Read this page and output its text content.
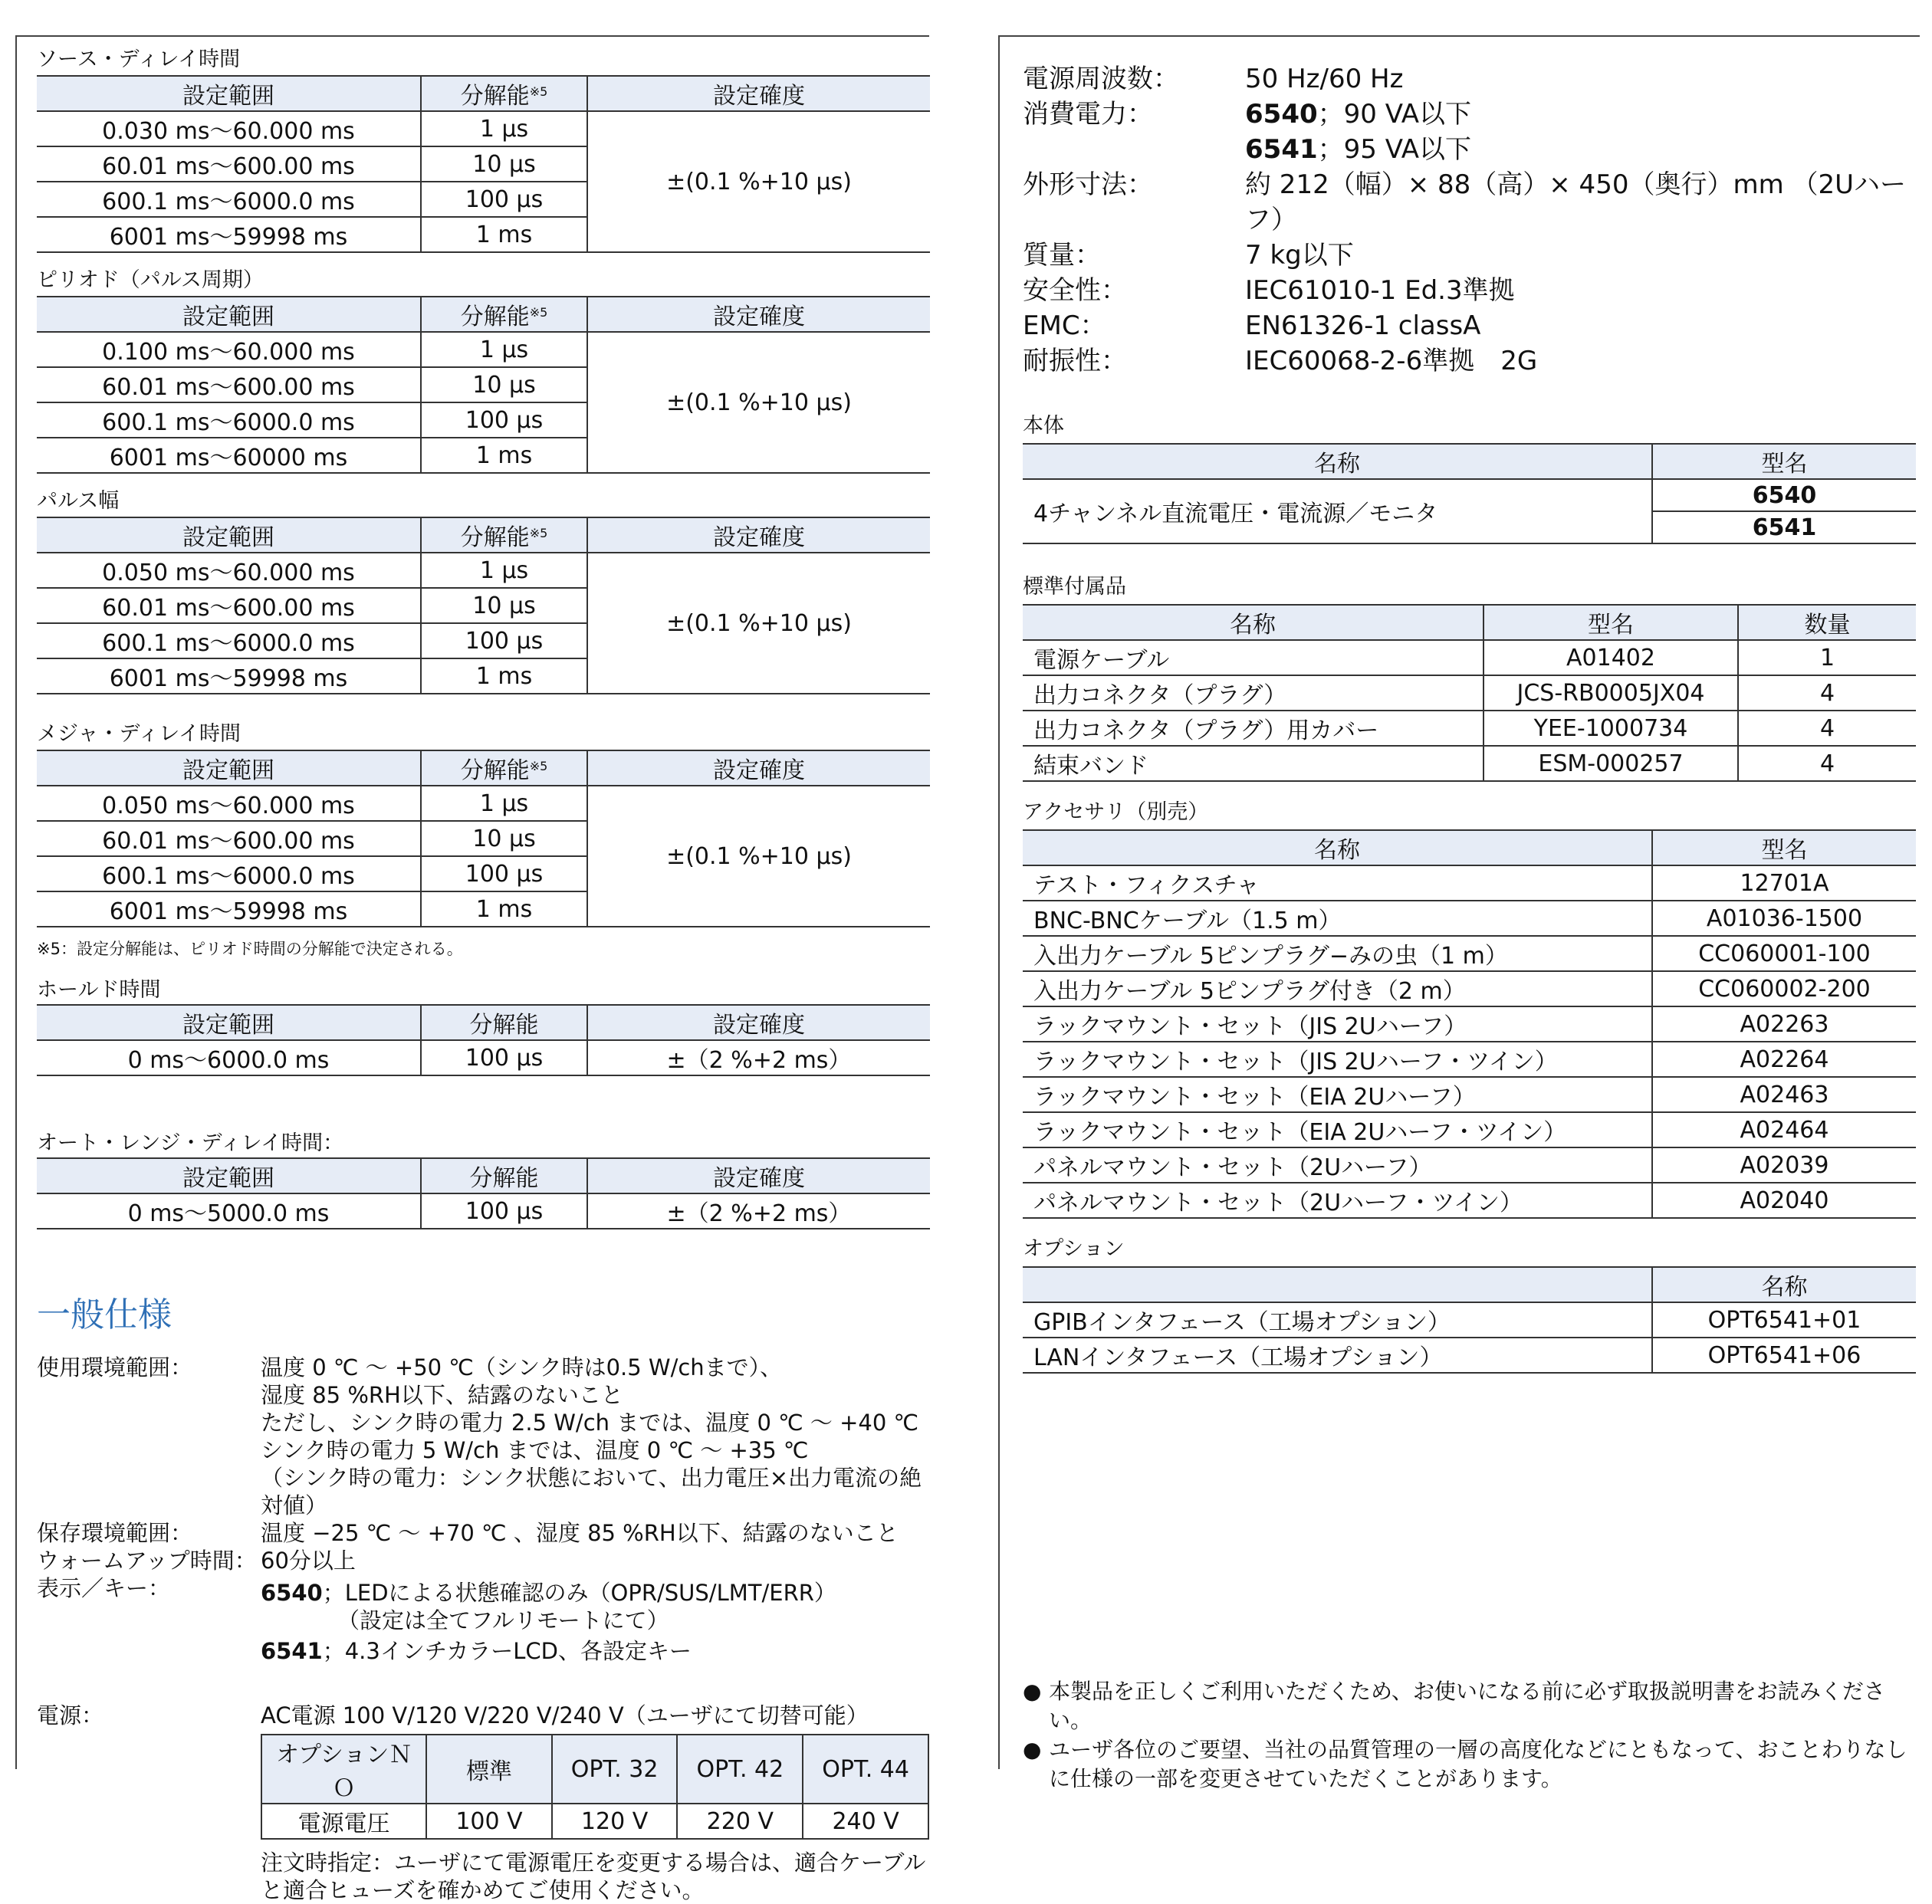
ソース・ディレイ時間
設定範囲	分解能$^{※5}$	設定確度
0.030 ms～60.000 ms	1 μs	±(0.1 %+10 μs)
60.01 ms～600.00 ms	10 μs	
600.1 ms～6000.0 ms	100 μs	
6001 ms～59998 ms	1 ms	
ピリオド（パルス周期）
設定範囲	分解能$^{※5}$	設定確度
0.100 ms～60.000 ms	1 μs	±(0.1 %+10 μs)
60.01 ms～600.00 ms	10 μs	
600.1 ms～6000.0 ms	100 μs	
6001 ms～60000 ms	1 ms	
パルス幅
設定範囲	分解能$^{※5}$	設定確度
0.050 ms～60.000 ms	1 μs	±(0.1 %+10 μs)
60.01 ms～600.00 ms	10 μs	
600.1 ms～6000.0 ms	100 μs	
6001 ms～59998 ms	1 ms	
メジャ・ディレイ時間
設定範囲	分解能$^{※5}$	設定確度
0.050 ms～60.000 ms	1 μs	±(0.1 %+10 μs)
60.01 ms～600.00 ms	10 μs	
600.1 ms～6000.0 ms	100 μs	
6001 ms～59998 ms	1 ms	

※5：設定分解能は、ピリオド時間の分解能で決定される。

ホールド時間
設定範囲	分解能	設定確度
0 ms～6000.0 ms	100 μs	±（2 %+2 ms）
オート・レンジ・ディレイ時間：
設定範囲	分解能	設定確度
0 ms～5000.0 ms	100 μs	±（2 %+2 ms）
一般仕様
使用環境範囲：	温度 0 ℃ ～ +50 ℃（シンク時は0.5 W/chまで）、
湿度 85 %RH以下、結露のないこと
ただし、シンク時の電力 2.5 W/ch までは、温度 0 ℃ ～ +40 ℃
シンク時の電力 5 W/ch までは、温度 0 ℃ ～ +35 ℃
（シンク時の電力：シンク状態において、出力電圧×出力電流の絶対値）
保存環境範囲：	温度 −25 ℃ ～ +70 ℃ 、湿度 85 %RH以下、結露のないこと
ウォームアップ時間： 60分以上
表示／キー：	6540；LEDによる状態確認のみ（OPR/SUS/LMT/ERR）
（設定は全てフルリモートにて）
6541；4.3インチカラーLCD、各設定キー
電源：	AC電源 100 V/120 V/220 V/240 V（ユーザにて切替可能）
オプションＮＯ	標準	OPT. 32	OPT. 42	OPT. 44
電源電圧	100 V	120 V	220 V	240 V
注文時指定：ユーザにて電源電圧を変更する場合は、適合ケーブル
と適合ヒューズを確かめてご使用ください。
電源周波数：	50 Hz/60 Hz
消費電力：	6540；90 VA以下
6541；95 VA以下
外形寸法：	約 212（幅）× 88（高）× 450（奥行）mm （2Uハーフ）
質量：	7 kg以下
安全性：	IEC61010-1 Ed.3準拠
EMC：	EN61326-1 classA
耐振性：	IEC60068-2-6準拠　2G
本体
名称	型名
4チャンネル直流電圧・電流源／モニタ	6540
	6541
標準付属品
名称	型名	数量
電源ケーブル	A01402	1
出力コネクタ（プラグ）	JCS-RB0005JX04	4
出力コネクタ（プラグ）用カバー	YEE-1000734	4
結束バンド	ESM-000257	4
アクセサリ（別売）
名称	型名
テスト・フィクスチャ	12701A
BNC-BNCケーブル（1.5 m）	A01036-1500
入出力ケーブル 5ピンプラグ−みの虫（1 m）	CC060001-100
入出力ケーブル 5ピンプラグ付き（2 m）	CC060002-200
ラックマウント・セット（JIS 2Uハーフ）	A02263
ラックマウント・セット（JIS 2Uハーフ・ツイン）	A02264
ラックマウント・セット（EIA 2Uハーフ）	A02463
ラックマウント・セット（EIA 2Uハーフ・ツイン）	A02464
パネルマウント・セット（2Uハーフ）	A02039
パネルマウント・セット（2Uハーフ・ツイン）	A02040
オプション
	名称
GPIBインタフェース（工場オプション）	OPT6541+01
LANインタフェース（工場オプション）	OPT6541+06
● 本製品を正しくご利用いただくため、お使いになる前に必ず取扱説明書をお読みください。
● ユーザ各位のご要望、当社の品質管理の一層の高度化などにともなって、おことわりなしに仕様の一部を変更させていただくことがあります。
